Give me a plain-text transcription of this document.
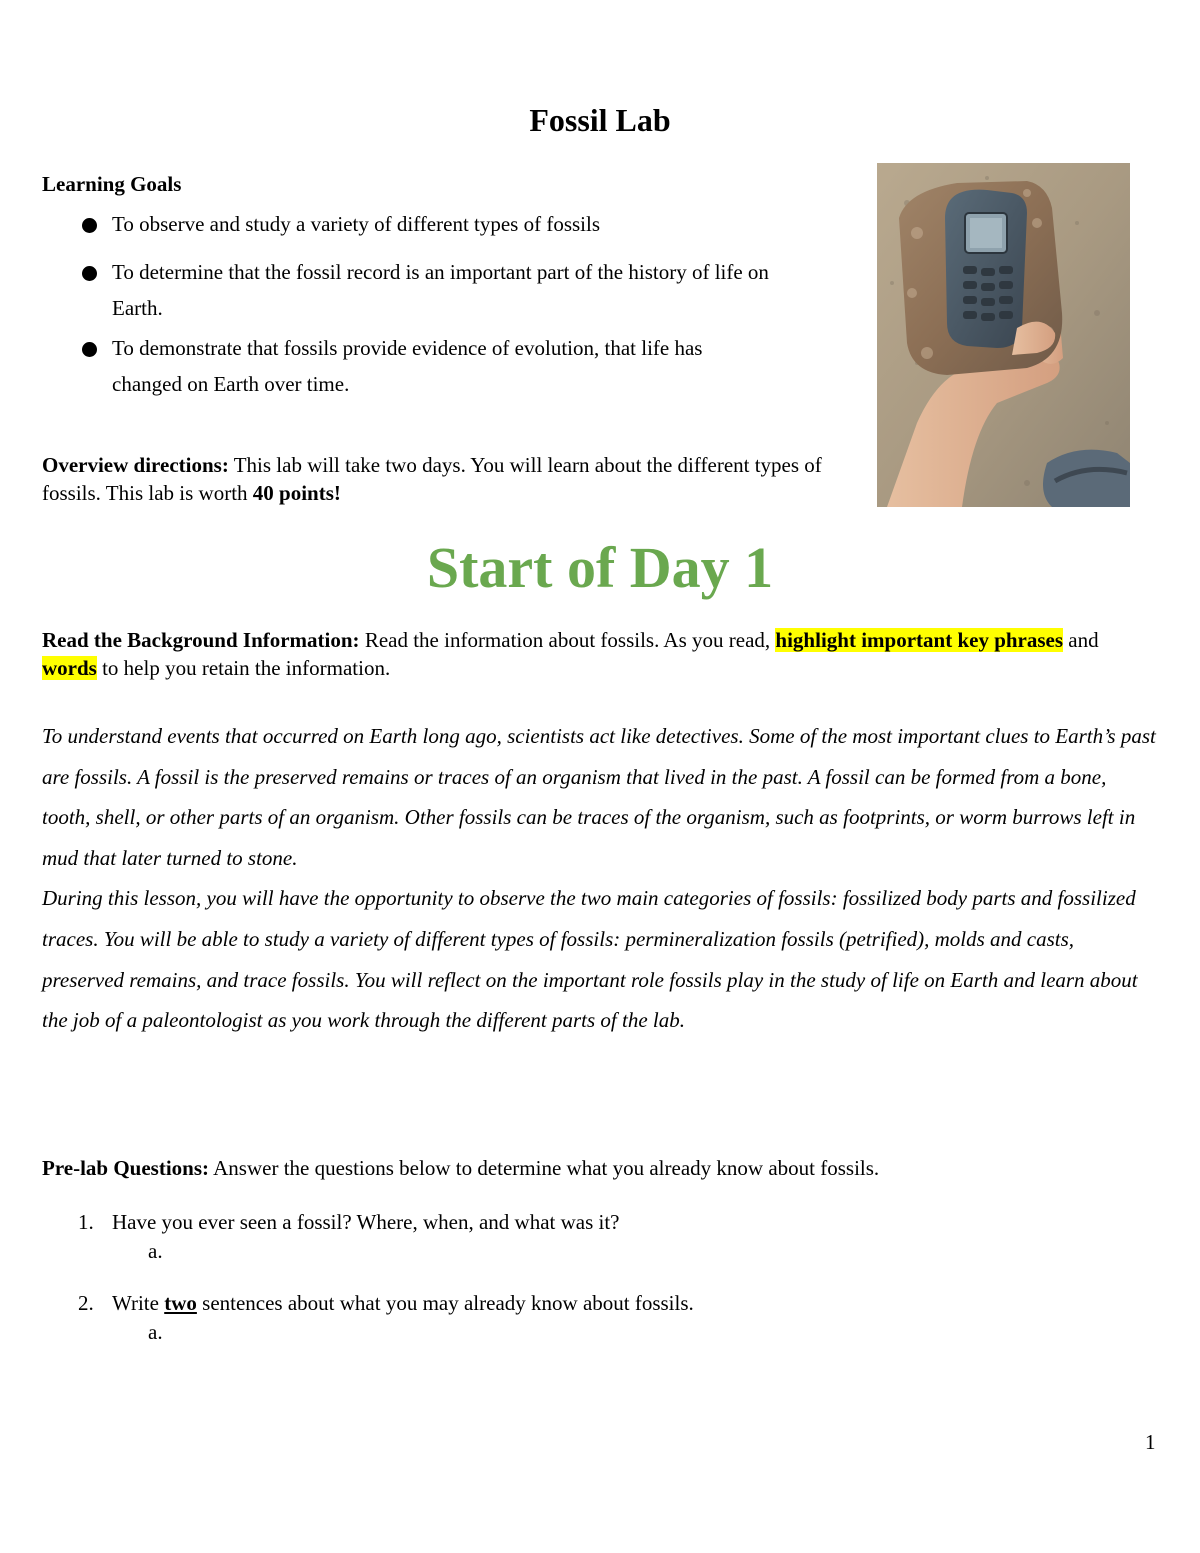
Fossil Lab
Learning Goals
To observe and study a variety of different types of fossils
To determine that the fossil record is an important part of the history of life on
Earth.
To demonstrate that fossils provide evidence of evolution, that life has
changed on Earth over time.
Overview directions: This lab will take two days. You will learn about the different types of fossils. This lab is worth 40 points!
Start of Day 1
Read the Background Information: Read the information about fossils. As you read, highlight important key phrases and words to help you retain the information.
To understand events that occurred on Earth long ago, scientists act like detectives. Some of the most important clues to Earth’s past are fossils. A fossil is the preserved remains or traces of an organism that lived in the past. A fossil can be formed from a bone, tooth, shell, or other parts of an organism. Other fossils can be traces of the organism, such as footprints, or worm burrows left in mud that later turned to stone.
During this lesson, you will have the opportunity to observe the two main categories of fossils: fossilized body parts and fossilized traces. You will be able to study a variety of different types of fossils: permineralization fossils (petrified), molds and casts, preserved remains, and trace fossils. You will reflect on the important role fossils play in the study of life on Earth and learn about the job of a paleontologist as you work through the different parts of the lab.
Pre-lab Questions: Answer the questions below to determine what you already know about fossils.
1. Have you ever seen a fossil? Where, when, and what was it?
a.
2. Write two sentences about what you may already know about fossils.
a.
1
